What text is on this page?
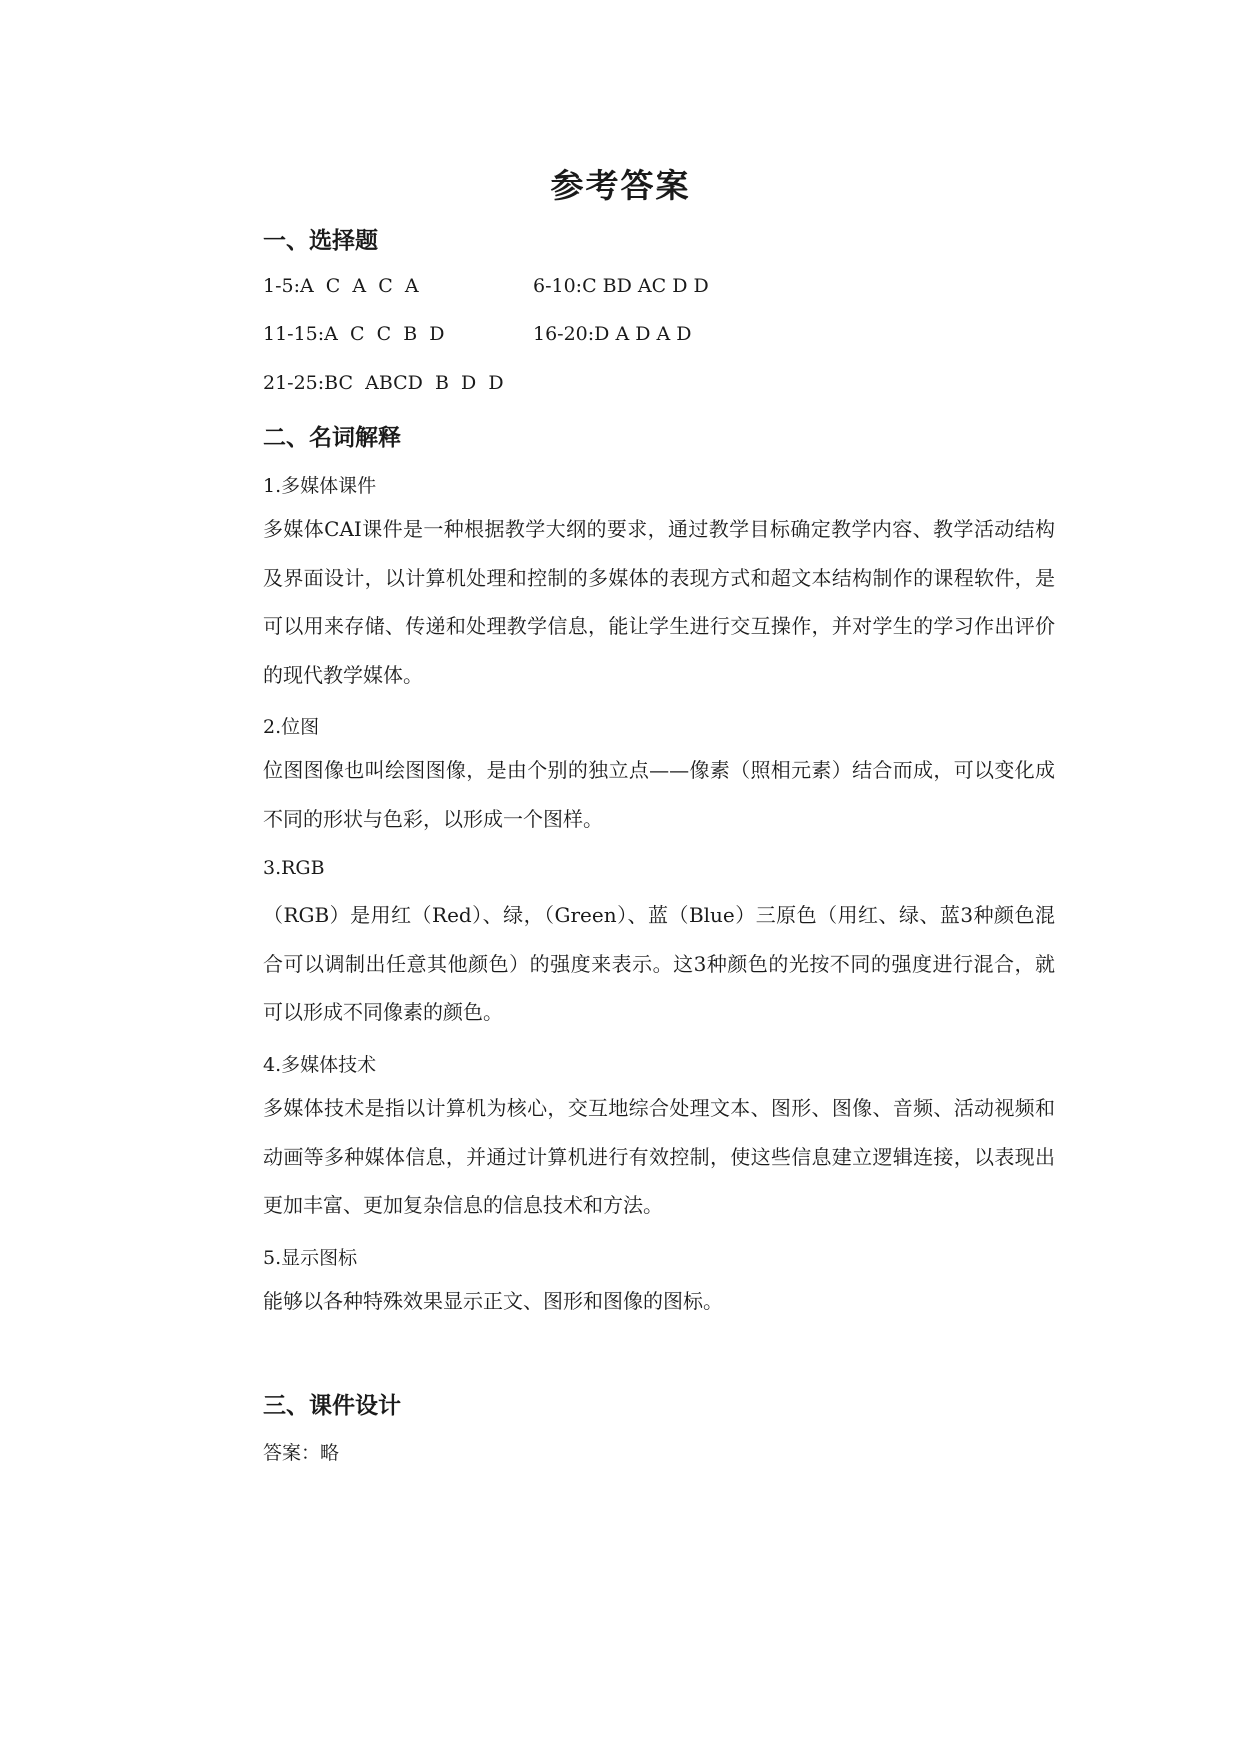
参考答案
一、选择题
1-5:A  C  A  C  A	6-10:C BD AC D D
11-15:A  C  C  B  D	16-20:D A D A D
21-25:BC  ABCD  B  D  D
二、名词解释
1.多媒体课件

多媒体CAI课件是一种根据教学大纲的要求，通过教学目标确定教学内容、教学活动结构及界面设计，以计算机处理和控制的多媒体的表现方式和超文本结构制作的课程软件，是可以用来存储、传递和处理教学信息，能让学生进行交互操作，并对学生的学习作出评价的现代教学媒体。

2.位图

位图图像也叫绘图图像，是由个别的独立点——像素（照相元素）结合而成，可以变化成不同的形状与色彩，以形成一个图样。

3.RGB

（RGB）是用红（Red）、绿，（Green）、蓝（Blue）三原色（用红、绿、蓝3种颜色混合可以调制出任意其他颜色）的强度来表示。这3种颜色的光按不同的强度进行混合，就可以形成不同像素的颜色。

4.多媒体技术

多媒体技术是指以计算机为核心，交互地综合处理文本、图形、图像、音频、活动视频和动画等多种媒体信息，并通过计算机进行有效控制，使这些信息建立逻辑连接，以表现出更加丰富、更加复杂信息的信息技术和方法。

5.显示图标

能够以各种特殊效果显示正文、图形和图像的图标。

三、课件设计
答案：略
